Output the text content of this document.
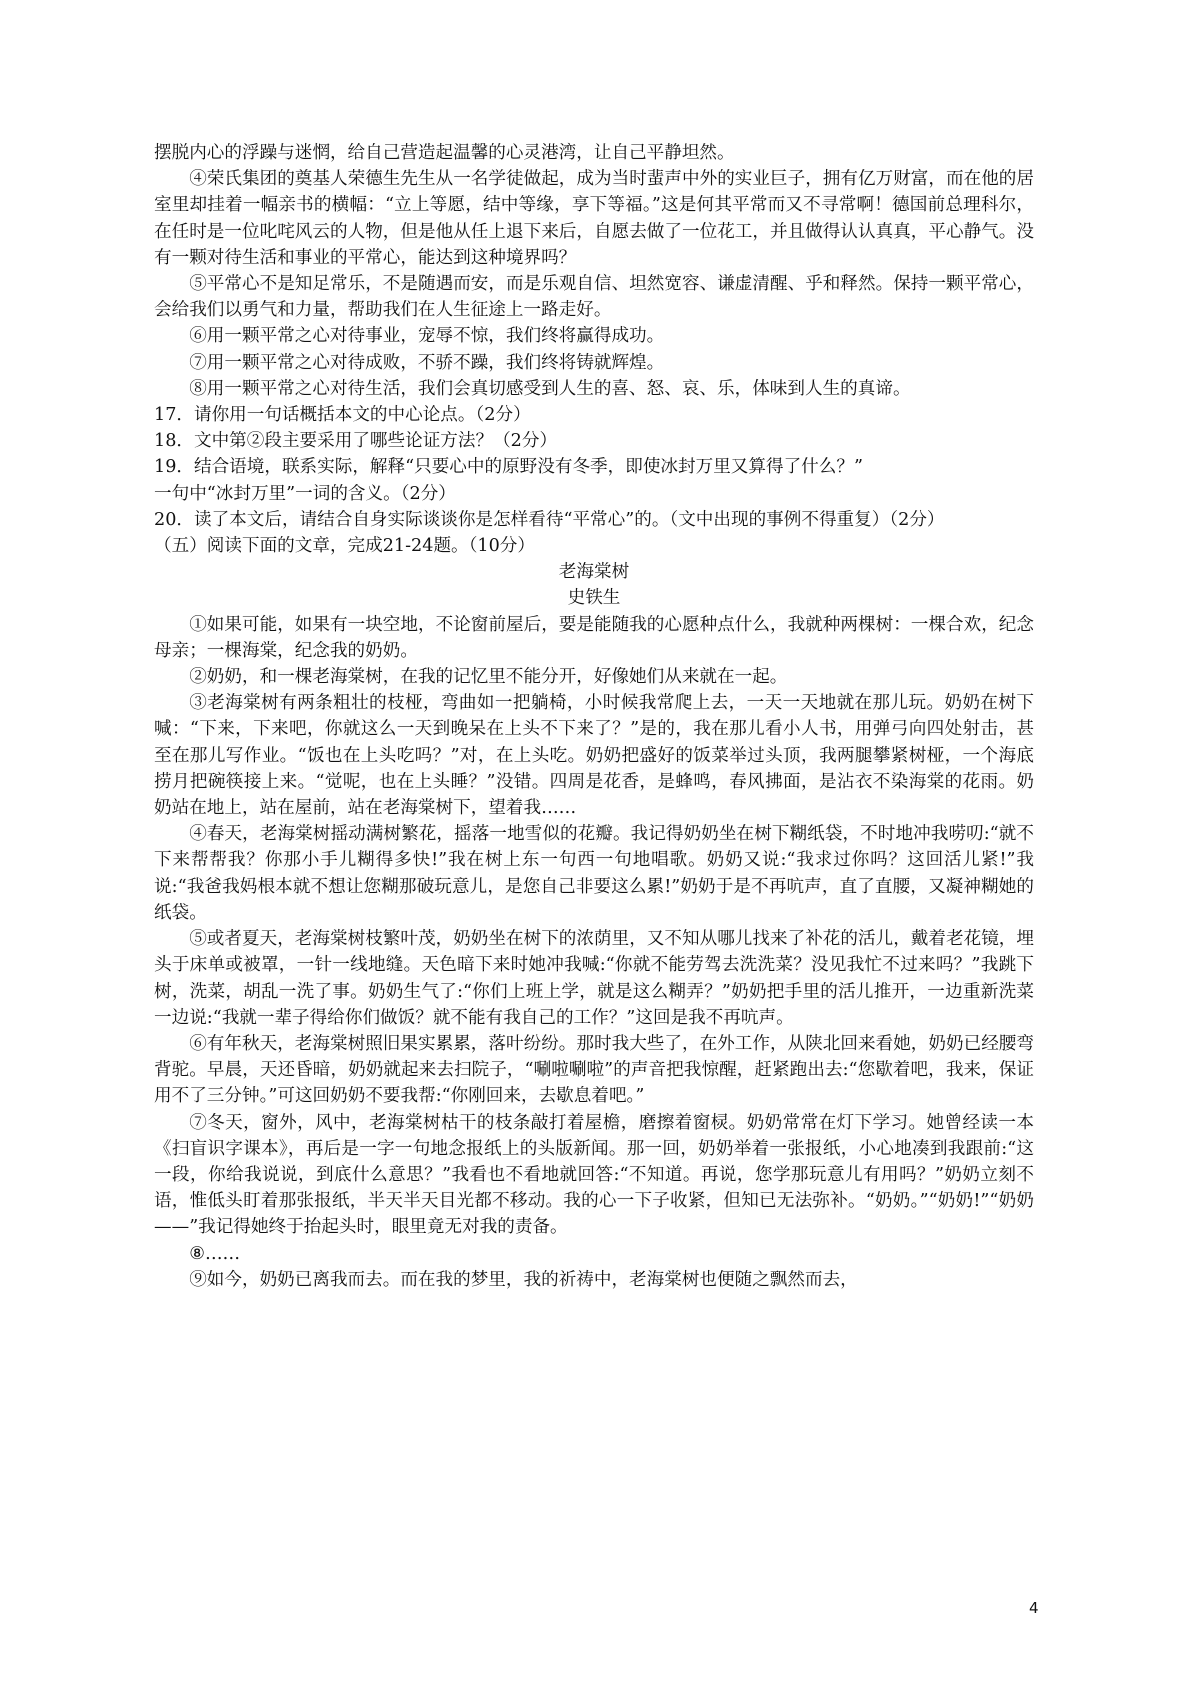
摆脱内心的浮躁与迷惘，给自己营造起温馨的心灵港湾，让自己平静坦然。

④荣氏集团的奠基人荣德生先生从一名学徒做起，成为当时蜚声中外的实业巨子，拥有亿万财富，而在他的居室里却挂着一幅亲书的横幅：“立上等愿，结中等缘，享下等福。”这是何其平常而又不寻常啊！德国前总理科尔，在任时是一位叱咤风云的人物，但是他从任上退下来后，自愿去做了一位花工，并且做得认认真真，平心静气。没有一颗对待生活和事业的平常心，能达到这种境界吗？

⑤平常心不是知足常乐，不是随遇而安，而是乐观自信、坦然宽容、谦虚清醒、乎和释然。保持一颗平常心，会给我们以勇气和力量，帮助我们在人生征途上一路走好。

⑥用一颗平常之心对待事业，宠辱不惊，我们终将赢得成功。

⑦用一颗平常之心对待成败，不骄不躁，我们终将铸就辉煌。

⑧用一颗平常之心对待生活，我们会真切感受到人生的喜、怒、哀、乐，体味到人生的真谛。

17．请你用一句话概括本文的中心论点。（2分）

18．文中第②段主要采用了哪些论证方法？（2分）

19．结合语境，联系实际，解释“只要心中的原野没有冬季，即使冰封万里又算得了什么？”

一句中“冰封万里”一词的含义。（2分）

20．读了本文后，请结合自身实际谈谈你是怎样看待“平常心”的。（文中出现的事例不得重复）（2分）

（五）阅读下面的文章，完成21-24题。（10分）

老海棠树

史铁生

①如果可能，如果有一块空地，不论窗前屋后，要是能随我的心愿种点什么，我就种两棵树：一棵合欢，纪念母亲；一棵海棠，纪念我的奶奶。

②奶奶，和一棵老海棠树，在我的记忆里不能分开，好像她们从来就在一起。

③老海棠树有两条粗壮的枝桠，弯曲如一把躺椅，小时候我常爬上去，一天一天地就在那儿玩。奶奶在树下喊：“下来，下来吧，你就这么一天到晚呆在上头不下来了？”是的，我在那儿看小人书，用弹弓向四处射击，甚至在那儿写作业。“饭也在上头吃吗？”对，在上头吃。奶奶把盛好的饭菜举过头顶，我两腿攀紧树桠，一个海底捞月把碗筷接上来。“觉呢，也在上头睡？”没错。四周是花香，是蜂鸣，春风拂面，是沾衣不染海棠的花雨。奶奶站在地上，站在屋前，站在老海棠树下，望着我……

④春天，老海棠树摇动满树繁花，摇落一地雪似的花瓣。我记得奶奶坐在树下糊纸袋，不时地冲我唠叨:“就不下来帮帮我？你那小手儿糊得多快!”我在树上东一句西一句地唱歌。奶奶又说:“我求过你吗？这回活儿紧!”我说:“我爸我妈根本就不想让您糊那破玩意儿，是您自己非要这么累!”奶奶于是不再吭声，直了直腰，又凝神糊她的纸袋。

⑤或者夏天，老海棠树枝繁叶茂，奶奶坐在树下的浓荫里，又不知从哪儿找来了补花的活儿，戴着老花镜，埋头于床单或被罩，一针一线地缝。天色暗下来时她冲我喊:“你就不能劳驾去洗洗菜？没见我忙不过来吗？”我跳下树，洗菜，胡乱一洗了事。奶奶生气了:“你们上班上学，就是这么糊弄？”奶奶把手里的活儿推开，一边重新洗菜一边说:“我就一辈子得给你们做饭？就不能有我自己的工作？”这回是我不再吭声。

⑥有年秋天，老海棠树照旧果实累累，落叶纷纷。那时我大些了，在外工作，从陕北回来看她，奶奶已经腰弯背驼。早晨，天还昏暗，奶奶就起来去扫院子，“唰啦唰啦”的声音把我惊醒，赶紧跑出去:“您歇着吧，我来，保证用不了三分钟。”可这回奶奶不要我帮:“你刚回来，去歇息着吧。”

⑦冬天，窗外，风中，老海棠树枯干的枝条敲打着屋檐，磨擦着窗棂。奶奶常常在灯下学习。她曾经读一本《扫盲识字课本》，再后是一字一句地念报纸上的头版新闻。那一回，奶奶举着一张报纸，小心地凑到我跟前:“这一段，你给我说说，到底什么意思？”我看也不看地就回答:“不知道。再说，您学那玩意儿有用吗？”奶奶立刻不语，惟低头盯着那张报纸，半天半天目光都不移动。我的心一下子收紧，但知已无法弥补。“奶奶。”“奶奶!”“奶奶——”我记得她终于抬起头时，眼里竟无对我的责备。

⑧……

⑨如今，奶奶已离我而去。而在我的梦里，我的祈祷中，老海棠树也便随之飘然而去，

4
